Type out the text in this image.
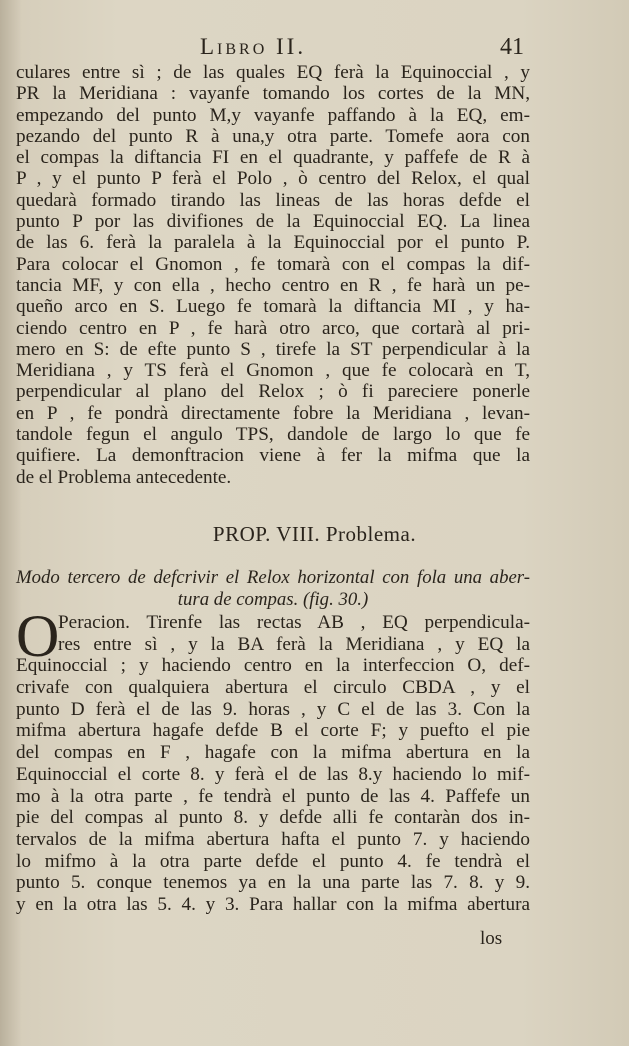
Libro II.	41
culares entre sì ; de las quales EQ ferà la Equinoccial , y
PR la Meridiana : vayanfe tomando los cortes de la MN,
empezando del punto M,y vayanfe paffando à la EQ, em-
pezando del punto R à una,y otra parte. Tomefe aora con
el compas la diftancia FI en el quadrante, y paffefe de R à
P , y el punto P ferà el Polo , ò centro del Relox, el qual
quedarà formado tirando las lineas de las horas defde el
punto P por las divifiones de la Equinoccial EQ. La linea
de las 6. ferà la paralela à la Equinoccial por el punto P.
Para colocar el Gnomon , fe tomarà con el compas la dif-
tancia MF, y con ella , hecho centro en R , fe harà un pe-
queño arco en S. Luego fe tomarà la diftancia MI , y ha-
ciendo centro en P , fe harà otro arco, que cortarà al pri-
mero en S: de efte punto S , tirefe la ST perpendicular à la
Meridiana , y TS ferà el Gnomon , que fe colocarà en T,
perpendicular al plano del Relox ; ò fi pareciere ponerle
en P , fe pondrà directamente fobre la Meridiana , levan-
tandole fegun el angulo TPS, dandole de largo lo que fe
quifiere. La demonftracion viene à fer la mifma que la
de el Problema antecedente.
PROP. VIII. Problema.
Modo tercero de defcrivir el Relox horizontal con fola una aber-
tura de compas. (fig. 30.)
Peracion. Tirenfe las rectas AB , EQ perpendicula-
res entre sì , y la BA ferà la Meridiana , y EQ la
Equinoccial ; y haciendo centro en la interfeccion O, def-
crivafe con qualquiera abertura el circulo CBDA , y el
punto D ferà el de las 9. horas , y C el de las 3. Con la
mifma abertura hagafe defde B el corte F; y puefto el pie
del compas en F , hagafe con la mifma abertura en la
Equinoccial el corte 8. y ferà el de las 8.y haciendo lo mif-
mo à la otra parte , fe tendrà el punto de las 4. Paffefe un
pie del compas al punto 8. y defde alli fe contaràn dos in-
tervalos de la mifma abertura hafta el punto 7. y haciendo
lo mifmo à la otra parte defde el punto 4. fe tendrà el
punto 5. conque tenemos ya en la una parte las 7. 8. y 9.
y en la otra las 5. 4. y 3. Para hallar con la mifma abertura
O
los
